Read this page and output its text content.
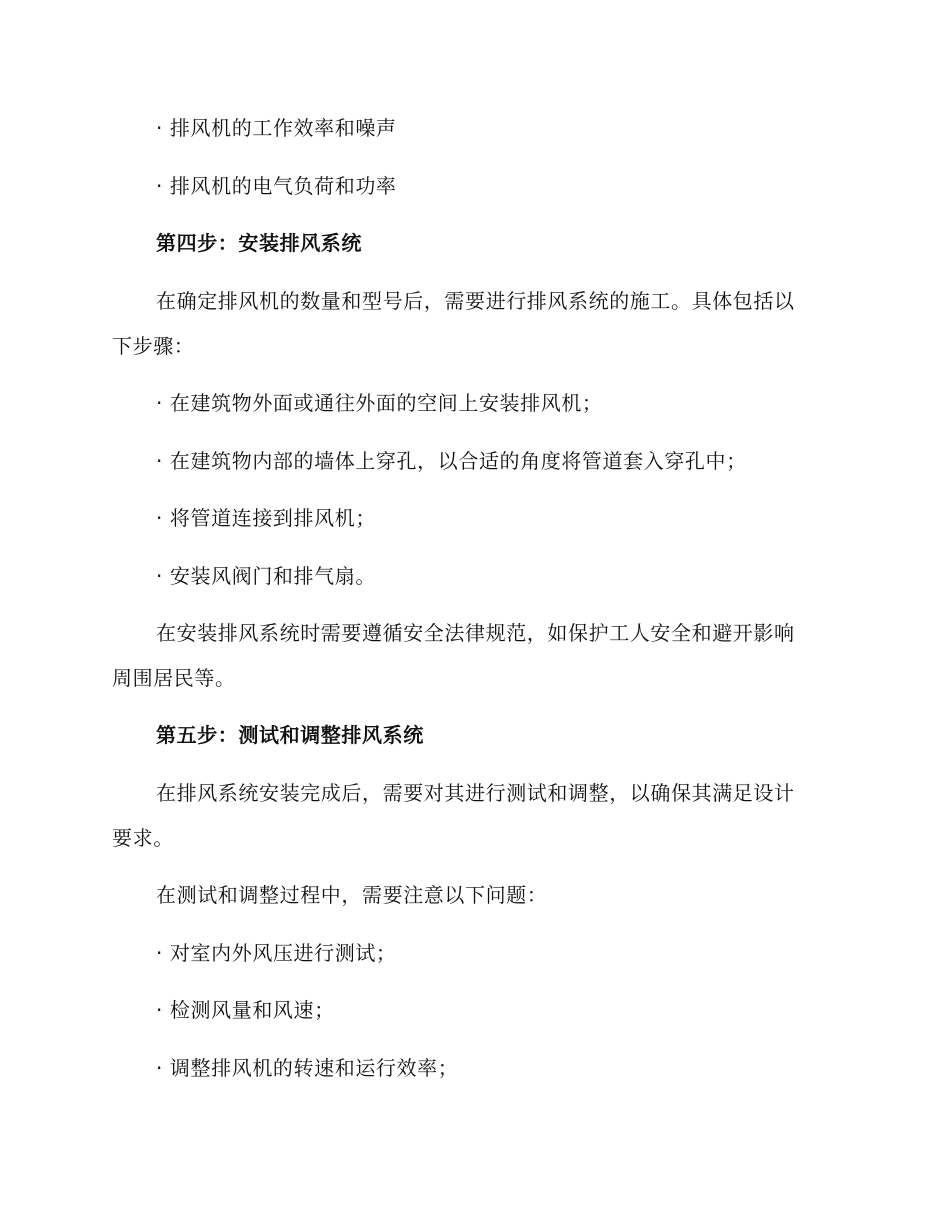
· 排风机的工作效率和噪声
· 排风机的电气负荷和功率
第四步：安装排风系统
在确定排风机的数量和型号后，需要进行排风系统的施工。具体包括以
下步骤：
· 在建筑物外面或通往外面的空间上安装排风机；
· 在建筑物内部的墙体上穿孔，以合适的角度将管道套入穿孔中；
· 将管道连接到排风机；
· 安装风阀门和排气扇。
在安装排风系统时需要遵循安全法律规范，如保护工人安全和避开影响
周围居民等。
第五步：测试和调整排风系统
在排风系统安装完成后，需要对其进行测试和调整，以确保其满足设计
要求。
在测试和调整过程中，需要注意以下问题：
· 对室内外风压进行测试；
· 检测风量和风速；
· 调整排风机的转速和运行效率；
